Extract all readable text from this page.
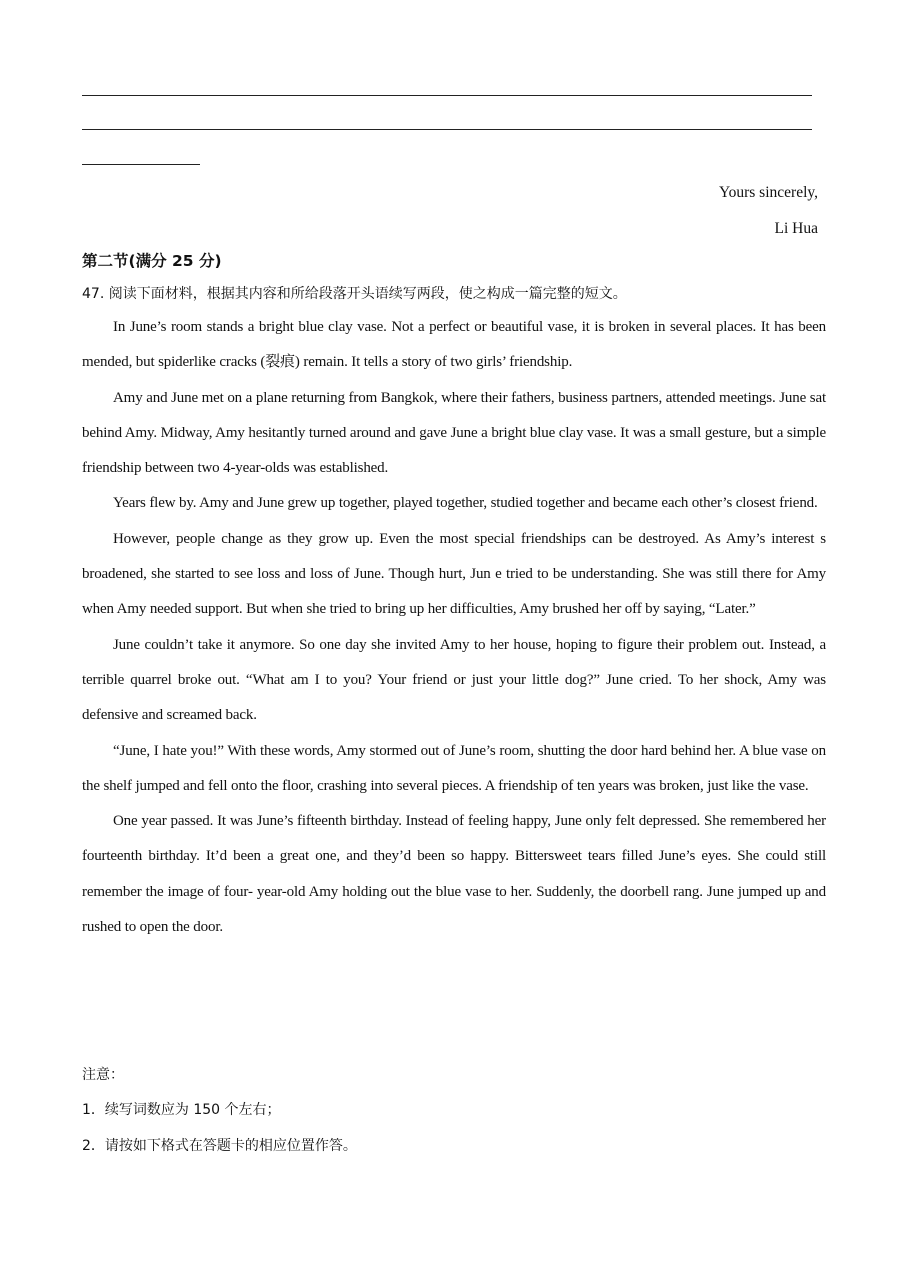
Yours sincerely,
Li Hua
第二节(满分 25 分)
47. 阅读下面材料，根据其内容和所给段落开头语续写两段，使之构成一篇完整的短文。

In June’s room stands a bright blue clay vase. Not a perfect or beautiful vase, it is broken in several places. It has been mended, but spiderlike cracks (裂痕) remain. It tells a story of two girls’ friendship.

Amy and June met on a plane returning from Bangkok, where their fathers, business partners, attended meetings. June sat behind Amy. Midway, Amy hesitantly turned around and gave June a bright blue clay vase. It was a small gesture, but a simple friendship between two 4-year-olds was established.

Years flew by. Amy and June grew up together, played together, studied together and became each other’s closest friend.

However, people change as they grow up. Even the most special friendships can be destroyed. As Amy’s interest s broadened, she started to see loss and loss of June. Though hurt, Jun e tried to be understanding. She was still there for Amy when Amy needed support. But when she tried to bring up her difficulties, Amy brushed her off by saying, “Later.”

June couldn’t take it anymore. So one day she invited Amy to her house, hoping to figure their problem out. Instead, a terrible quarrel broke out. “What am I to you? Your friend or just your little dog?” June cried. To her shock, Amy was defensive and screamed back.

“June, I hate you!” With these words, Amy stormed out of June’s room, shutting the door hard behind her. A blue vase on the shelf jumped and fell onto the floor, crashing into several pieces. A friendship of ten years was broken, just like the vase.

One year passed. It was June’s fifteenth birthday. Instead of feeling happy, June only felt depressed. She remembered her fourteenth birthday. It’d been a great one, and they’d been so happy. Bittersweet tears filled June’s eyes. She could still remember the image of four- year-old Amy holding out the blue vase to her. Suddenly, the doorbell rang. June jumped up and rushed to open the door.

注意：
1．续写词数应为 150 个左右；
2．请按如下格式在答题卡的相应位置作答。
